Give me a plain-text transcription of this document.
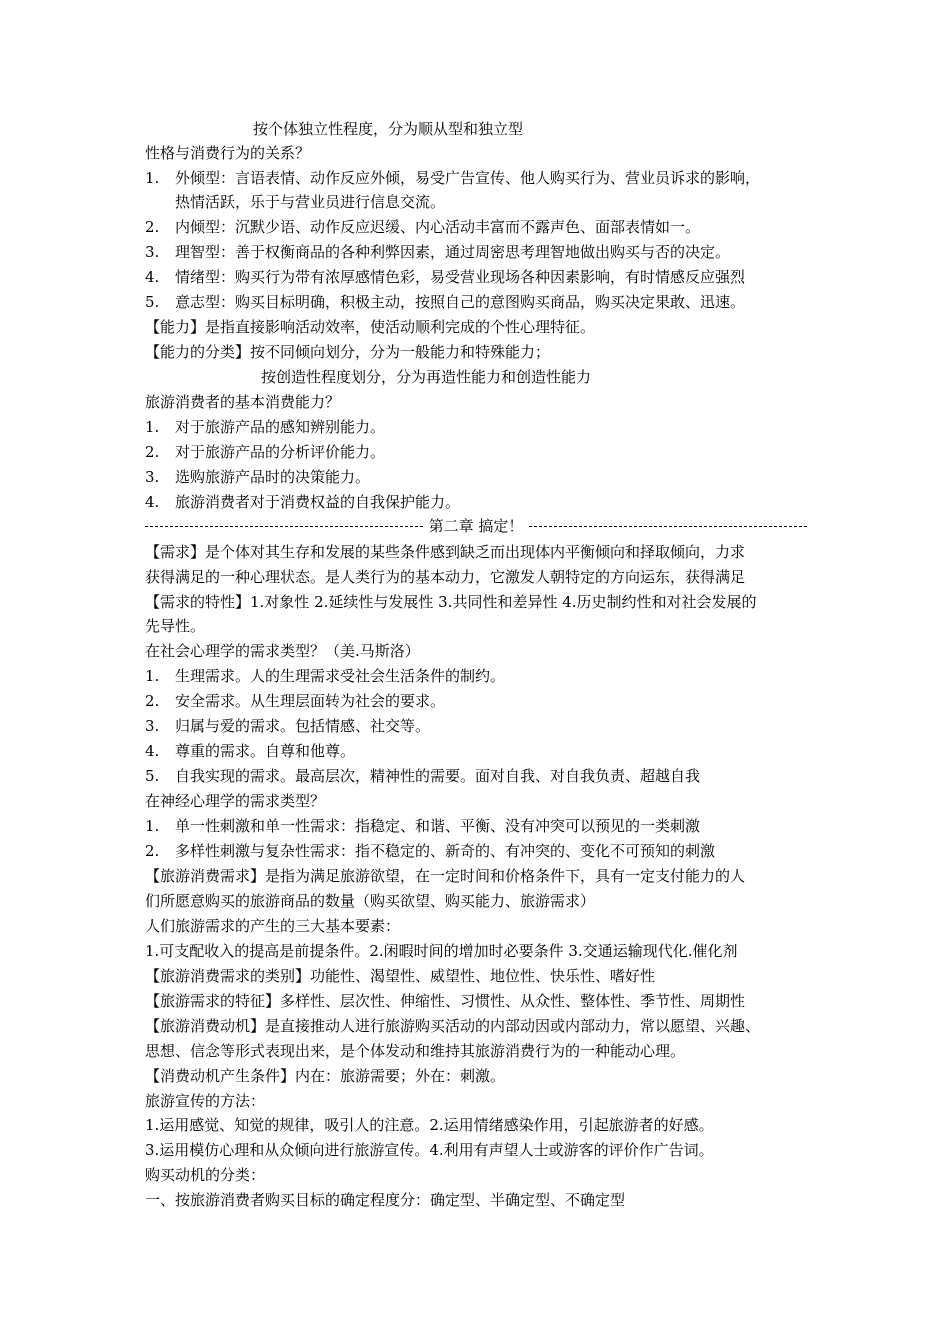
按个体独立性程度，分为顺从型和独立型
性格与消费行为的关系？
1. 外倾型：言语表情、动作反应外倾，易受广告宣传、他人购买行为、营业员诉求的影响，
热情活跃，乐于与营业员进行信息交流。
2. 内倾型：沉默少语、动作反应迟缓、内心活动丰富而不露声色、面部表情如一。
3. 理智型：善于权衡商品的各种利弊因素，通过周密思考理智地做出购买与否的决定。
4. 情绪型：购买行为带有浓厚感情色彩，易受营业现场各种因素影响，有时情感反应强烈
5. 意志型：购买目标明确，积极主动，按照自己的意图购买商品，购买决定果敢、迅速。
【能力】是指直接影响活动效率，使活动顺利完成的个性心理特征。
【能力的分类】按不同倾向划分，分为一般能力和特殊能力；
按创造性程度划分，分为再造性能力和创造性能力
旅游消费者的基本消费能力？
1. 对于旅游产品的感知辨别能力。
2. 对于旅游产品的分析评价能力。
3. 选购旅游产品时的决策能力。
4. 旅游消费者对于消费权益的自我保护能力。
第二章 搞定！
【需求】是个体对其生存和发展的某些条件感到缺乏而出现体内平衡倾向和择取倾向，力求
获得满足的一种心理状态。是人类行为的基本动力，它激发人朝特定的方向运东，获得满足
【需求的特性】1.对象性 2.延续性与发展性 3.共同性和差异性 4.历史制约性和对社会发展的
先导性。
在社会心理学的需求类型？（美.马斯洛）
1. 生理需求。人的生理需求受社会生活条件的制约。
2. 安全需求。从生理层面转为社会的要求。
3. 归属与爱的需求。包括情感、社交等。
4. 尊重的需求。自尊和他尊。
5. 自我实现的需求。最高层次，精神性的需要。面对自我、对自我负责、超越自我
在神经心理学的需求类型？
1. 单一性刺激和单一性需求：指稳定、和谐、平衡、没有冲突可以预见的一类刺激
2. 多样性刺激与复杂性需求：指不稳定的、新奇的、有冲突的、变化不可预知的刺激
【旅游消费需求】是指为满足旅游欲望，在一定时间和价格条件下，具有一定支付能力的人
们所愿意购买的旅游商品的数量（购买欲望、购买能力、旅游需求）
人们旅游需求的产生的三大基本要素：
1.可支配收入的提高是前提条件。2.闲暇时间的增加时必要条件 3.交通运输现代化.催化剂
【旅游消费需求的类别】功能性、渴望性、威望性、地位性、快乐性、嗜好性
【旅游需求的特征】多样性、层次性、伸缩性、习惯性、从众性、整体性、季节性、周期性
【旅游消费动机】是直接推动人进行旅游购买活动的内部动因或内部动力，常以愿望、兴趣、
思想、信念等形式表现出来，是个体发动和维持其旅游消费行为的一种能动心理。
【消费动机产生条件】内在：旅游需要；外在：刺激。
旅游宣传的方法：
1.运用感觉、知觉的规律，吸引人的注意。2.运用情绪感染作用，引起旅游者的好感。
3.运用模仿心理和从众倾向进行旅游宣传。4.利用有声望人士或游客的评价作广告词。
购买动机的分类：
一、按旅游消费者购买目标的确定程度分：确定型、半确定型、不确定型
